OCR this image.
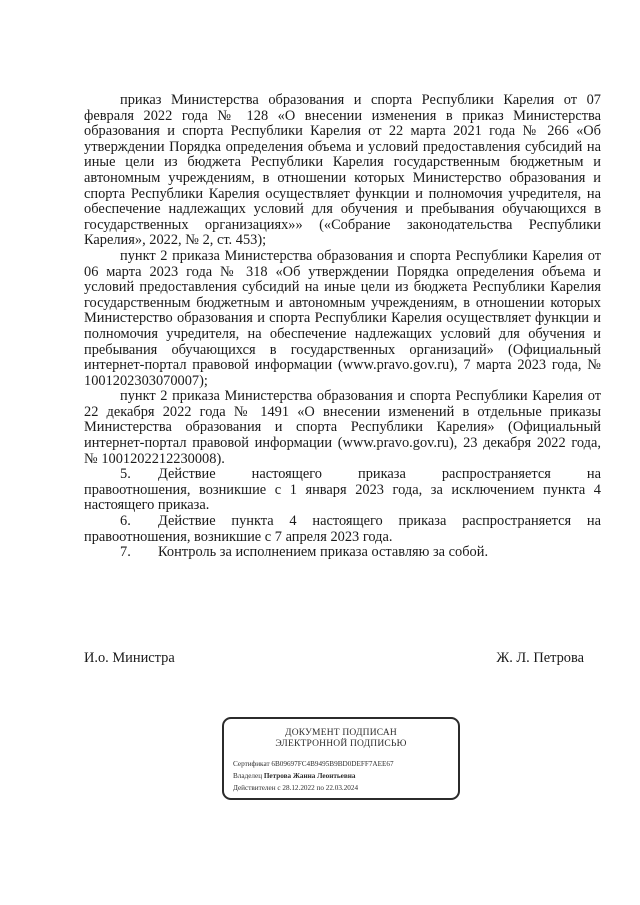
приказ Министерства образования и спорта Республики Карелия от 07 февраля 2022 года № 128 «О внесении изменения в приказ Министерства образования и спорта Республики Карелия от 22 марта 2021 года № 266 «Об утверждении Порядка определения объема и условий предоставления субсидий на иные цели из бюджета Республики Карелия государственным бюджетным и автономным учреждениям, в отношении которых Министерство образования и спорта Республики Карелия осуществляет функции и полномочия учредителя, на обеспечение надлежащих условий для обучения и пребывания обучающихся в государственных организациях»» («Собрание законодательства Республики Карелия», 2022, № 2, ст. 453);

пункт 2 приказа Министерства образования и спорта Республики Карелия от 06 марта 2023 года № 318 «Об утверждении Порядка определения объема и условий предоставления субсидий на иные цели из бюджета Республики Карелия государственным бюджетным и автономным учреждениям, в отношении которых Министерство образования и спорта Республики Карелия осуществляет функции и полномочия учредителя, на обеспечение надлежащих условий для обучения и пребывания обучающихся в государственных организаций» (Официальный интернет-портал правовой информации (www.pravo.gov.ru), 7 марта 2023 года, № 1001202303070007);

пункт 2 приказа Министерства образования и спорта Республики Карелия от 22 декабря 2022 года № 1491 «О внесении изменений в отдельные приказы Министерства образования и спорта Республики Карелия» (Официальный интернет-портал правовой информации (www.pravo.gov.ru), 23 декабря 2022 года, № 1001202212230008).

5.	Действие настоящего приказа распространяется на
правоотношения, возникшие с 1 января 2023 года, за исключением пункта 4 настоящего приказа.
6.	Действие пункта 4 настоящего приказа распространяется на
правоотношения, возникшие с 7 апреля 2023 года.
7.	Контроль за исполнением приказа оставляю за собой.
И.о. Министра	Ж. Л. Петрова
ДОКУМЕНТ ПОДПИСАН
ЭЛЕКТРОННОЙ ПОДПИСЬЮ
Сертификат 6B09697FC4B9495B9BD0DEFF7AEE67
Владелец Петрова Жанна Леонтьевна
Действителен с 28.12.2022 по 22.03.2024
